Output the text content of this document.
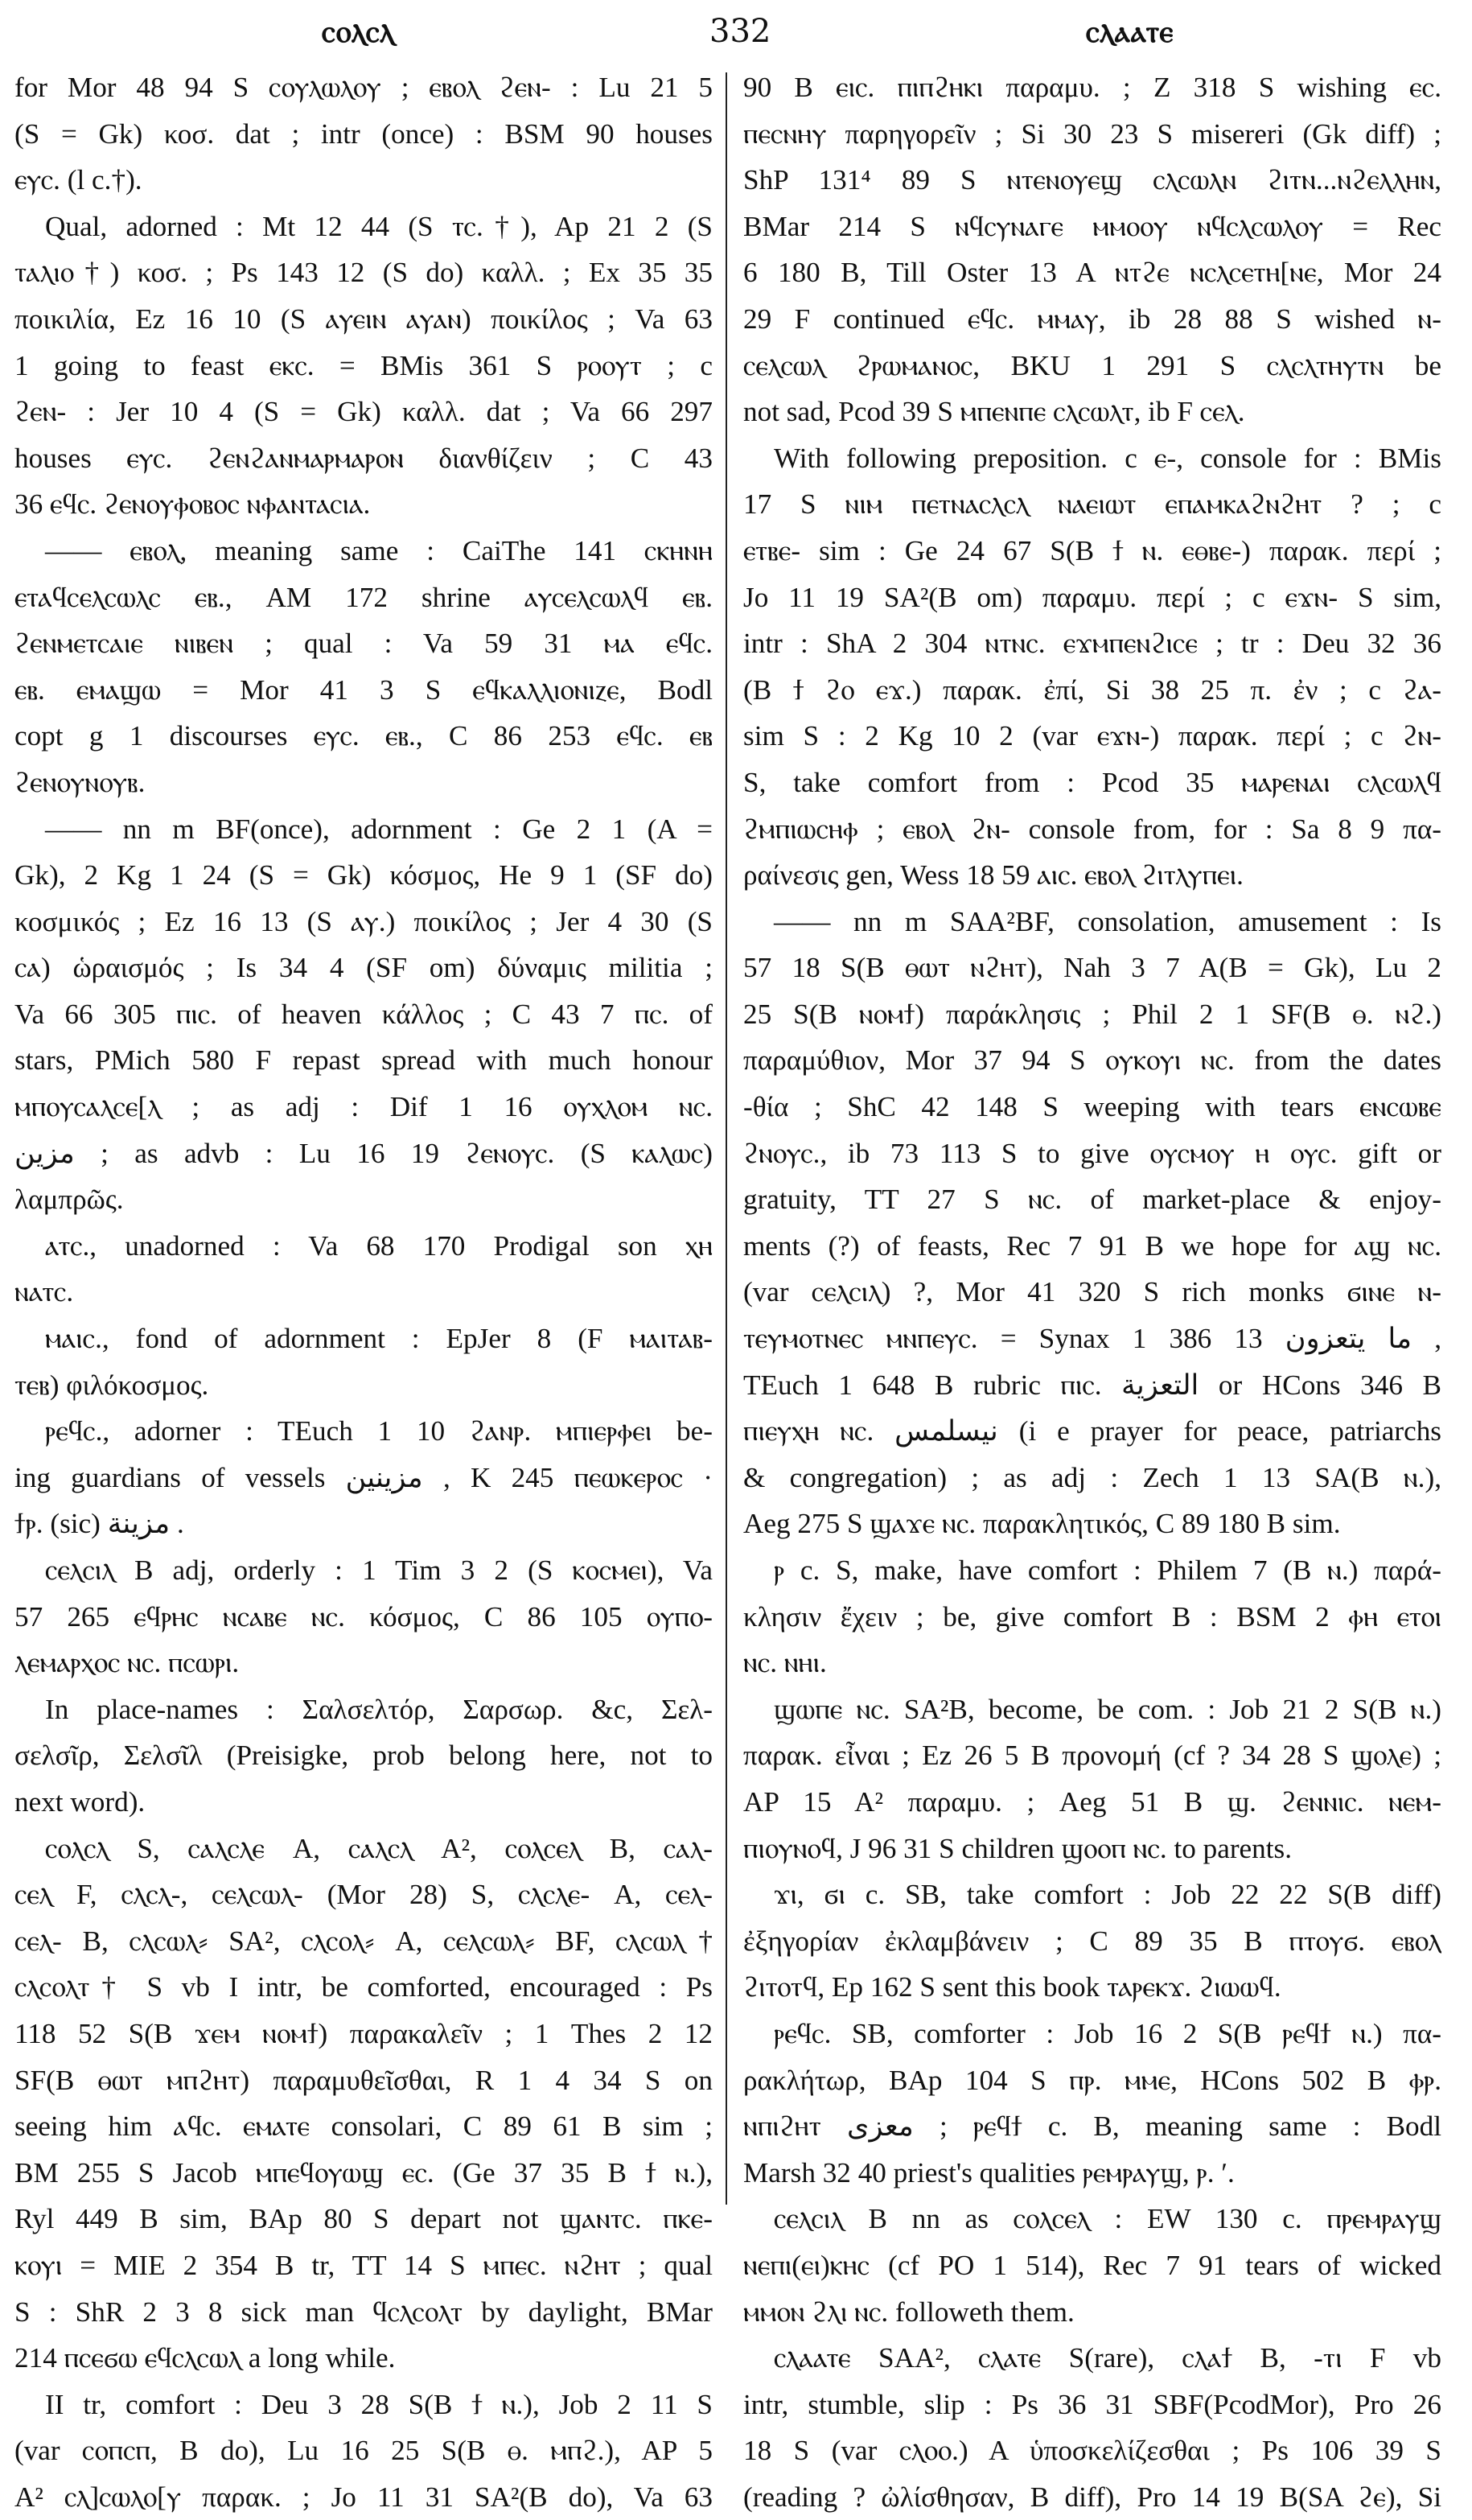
ⲥⲟⲗⲥⲗ	332	ⲥⲗⲁⲁⲧⲉ
for Mor 48 94 S ⲥⲟⲩⲗⲱⲗⲟⲩ ; ⲉⲃⲟⲗ ϩⲉⲛ- : Lu 21 5
(S = Gk) κοσ. dat ; intr (once) : BSM 90 houses
ⲉⲩⲥ. (l c.†).
Qual, adorned : Mt 12 44 (S ⲧⲥ.†), Ap 21 2 (S
ⲧⲁⲗⲓⲟ†) κοσ. ; Ps 143 12 (S do) καλλ. ; Ex 35 35
ποικιλία, Ez 16 10 (S ⲁⲩⲉⲓⲛ ⲁⲩⲁⲛ) ποικίλος ; Va 63
1 going to feast ⲉⲕⲥ. = BMis 361 S ⲣⲟⲟⲩⲧ ; c
ϩⲉⲛ- : Jer 10 4 (S = Gk) καλλ. dat ; Va 66 297
houses ⲉⲩⲥ. ϩⲉⲛϩⲁⲛⲙⲁⲣⲙⲁⲣⲟⲛ διανθίζειν ; C 43
36 ⲉϥⲥ. ϩⲉⲛⲟⲩⲫⲟⲃⲟⲥ ⲛⲫⲁⲛⲧⲁⲥⲓⲁ.
—— ⲉⲃⲟⲗ, meaning same : CaiThe 141 ⲥⲕⲏⲛⲏ
ⲉⲧⲁϥⲥⲉⲗⲥⲱⲗⲥ ⲉⲃ., AM 172 shrine ⲁⲩⲥⲉⲗⲥⲱⲗϥ ⲉⲃ.
ϩⲉⲛⲙⲉⲧⲥⲁⲓⲉ ⲛⲓⲃⲉⲛ ; qual : Va 59 31 ⲙⲁ ⲉϥⲥ.
ⲉⲃ. ⲉⲙⲁϣⲱ = Mor 41 3 S ⲉϥⲕⲁⲗⲗⲓⲟⲛⲓⲍⲉ, Bodl
copt g 1 discourses ⲉⲩⲥ. ⲉⲃ., C 86 253 ⲉϥⲥ. ⲉⲃ
ϩⲉⲛⲟⲩⲛⲟⲩⲃ.
—— nn m BF(once), adornment : Ge 2 1 (A =
Gk), 2 Kg 1 24 (S = Gk) κόσμος, He 9 1 (SF do)
κοσμικός ; Ez 16 13 (S ⲁⲩ.) ποικίλος ; Jer 4 30 (S
ⲥⲁ) ὡραισμός ; Is 34 4 (SF om) δύναμις militia ;
Va 66 305 ⲡⲓⲥ. of heaven κάλλος ; C 43 7 ⲡⲥ. of
stars, PMich 580 F repast spread with much honour
ⲙⲡⲟⲩⲥⲁⲗⲥⲉ[ⲗ ; as adj : Dif 1 16 ⲟⲩⲭⲗⲟⲙ ⲛⲥ.
مزين ; as advb : Lu 16 19 ϩⲉⲛⲟⲩⲥ. (S ⲕⲁⲗⲱⲥ)
λαμπρῶς.
ⲁⲧⲥ., unadorned : Va 68 170 Prodigal son ⲭⲏ
ⲛⲁⲧⲥ.
ⲙⲁⲓⲥ., fond of adornment : EpJer 8 (F ⲙⲁⲓⲧⲁⲃ-
ⲧⲉⲃ) φιλόκοσμος.
ⲣⲉϥⲥ., adorner : TEuch 1 10 ϩⲁⲛⲣ. ⲙⲡⲓⲉⲣⲫⲉⲓ be-
ing guardians of vessels مزينين , K 245 ⲡⲉⲱⲕⲉⲣⲟⲥ ·
ϯⲣ. (sic) مزينة .
ⲥⲉⲗⲥⲓⲗ B adj, orderly : 1 Tim 3 2 (S ⲕⲟⲥⲙⲉⲓ), Va
57 265 ⲉϥⲣⲏⲥ ⲛⲥⲁⲃⲉ ⲛⲥ. κόσμος, C 86 105 ⲟⲩⲡⲟ-
ⲗⲉⲙⲁⲣⲭⲟⲥ ⲛⲥ. ⲡⲥⲱⲣⲓ.
In place-names : Σαλσελτόρ, Σαρσωρ. &c, Σελ-
σελσῖρ, Σελσῖλ (Preisigke, prob belong here, not to
next word).
ⲥⲟⲗⲥⲗ S, ⲥⲁⲗⲥⲗⲉ A, ⲥⲁⲗⲥⲗ A², ⲥⲟⲗⲥⲉⲗ B, ⲥⲁⲗ-
ⲥⲉⲗ F, ⲥⲗⲥⲗ-, ⲥⲉⲗⲥⲱⲗ- (Mor 28) S, ⲥⲗⲥⲗⲉ- A, ⲥⲉⲗ-
ⲥⲉⲗ- B, ⲥⲗⲥⲱⲗ⸗ SA², ⲥⲗⲥⲟⲗ⸗ A, ⲥⲉⲗⲥⲱⲗ⸗ BF, ⲥⲗⲥⲱⲗ†
ⲥⲗⲥⲟⲗⲧ† S vb I intr, be comforted, encouraged : Ps
118 52 S(B ϫⲉⲙ ⲛⲟⲙϯ) παρακαλεῖν ; 1 Thes 2 12
SF(B ⲑⲱⲧ ⲙⲡϩⲏⲧ) παραμυθεῖσθαι, R 1 4 34 S on
seeing him ⲁϥⲥ. ⲉⲙⲁⲧⲉ consolari, C 89 61 B sim ;
BM 255 S Jacob ⲙⲡⲉϥⲟⲩⲱϣ ⲉⲥ. (Ge 37 35 B ϯ ⲛ.),
Ryl 449 B sim, BAp 80 S depart not ϣⲁⲛⲧⲥ. ⲡⲕⲉ-
ⲕⲟⲩⲓ = MIE 2 354 B tr, TT 14 S ⲙⲡⲉⲥ. ⲛϩⲏⲧ ; qual
S : ShR 2 3 8 sick man ϥⲥⲗⲥⲟⲗⲧ by daylight, BMar
214 ⲡⲥⲉϭⲱ ⲉϥⲥⲗⲥⲱⲗ a long while.
II tr, comfort : Deu 3 28 S(B ϯ ⲛ.), Job 2 11 S
(var ⲥⲟⲡⲥⲡ, B do), Lu 16 25 S(B ⲑ. ⲙⲡϩ.), AP 5
A² ⲥⲗ]ⲥⲱⲗⲟ[ⲩ παρακ. ; Jo 11 31 SA²(B do), Va 63
90 B ⲉⲓⲥ. ⲡⲓⲡϩⲏⲕⲓ παραμυ. ; Z 318 S wishing ⲉⲥ.
ⲡⲉⲥⲛⲏⲩ παρηγορεῖν ; Si 30 23 S misereri (Gk diff) ;
ShP 131⁴ 89 S ⲛⲧⲉⲛⲟⲩⲉϣ ⲥⲗⲥⲱⲗⲛ ϩⲓⲧⲛ...ⲛϩⲉⲗⲗⲏⲛ,
BMar 214 S ⲛϥⲥⲩⲛⲁⲅⲉ ⲙⲙⲟⲟⲩ ⲛϥⲥⲗⲥⲱⲗⲟⲩ = Rec
6 180 B, Till Oster 13 A ⲛⲧϩⲉ ⲛⲥⲗⲥⲉⲧⲏ[ⲛⲉ, Mor 24
29 F continued ⲉϥⲥ. ⲙⲙⲁⲩ, ib 28 88 S wished ⲛ-
ⲥⲉⲗⲥⲱⲗ ϩⲣⲱⲙⲁⲛⲟⲥ, BKU 1 291 S ⲥⲗⲥⲗⲧⲏⲩⲧⲛ be
not sad, Pcod 39 S ⲙⲡⲉⲛⲡⲉ ⲥⲗⲥⲱⲗⲧ, ib F ⲥⲉⲗ.
With following preposition. c ⲉ-, console for : BMis
17 S ⲛⲓⲙ ⲡⲉⲧⲛⲁⲥⲗⲥⲗ ⲛⲁⲉⲓⲱⲧ ⲉⲡⲁⲙⲕⲁϩⲛϩⲏⲧ ? ; c
ⲉⲧⲃⲉ- sim : Ge 24 67 S(B ϯ ⲛ. ⲉⲑⲃⲉ-) παρακ. περί ;
Jo 11 19 SA²(B om) παραμυ. περί ; c ⲉϫⲛ- S sim,
intr : ShA 2 304 ⲛⲧⲛⲥ. ⲉϫⲙⲡⲉⲛϩⲓⲥⲉ ; tr : Deu 32 36
(B ϯ ϩⲟ ⲉϫ.) παρακ. ἐπί, Si 38 25 π. ἐν ; c ϩⲁ-
sim S : 2 Kg 10 2 (var ⲉϫⲛ-) παρακ. περί ; c ϩⲛ-
S, take comfort from : Pcod 35 ⲙⲁⲣⲉⲛⲁⲓ ⲥⲗⲥⲱⲗϥ
ϩⲙⲡⲓⲱⲥⲏⲫ ; ⲉⲃⲟⲗ ϩⲛ- console from, for : Sa 8 9 πα-
ραίνεσις gen, Wess 18 59 ⲁⲓⲥ. ⲉⲃⲟⲗ ϩⲓⲧⲗⲩⲡⲉⲓ.
—— nn m SAA²BF, consolation, amusement : Is
57 18 S(B ⲑⲱⲧ ⲛϩⲏⲧ), Nah 3 7 A(B = Gk), Lu 2
25 S(B ⲛⲟⲙϯ) παράκλησις ; Phil 2 1 SF(B ⲑ. ⲛϩ.)
παραμύθιον, Mor 37 94 S ⲟⲩⲕⲟⲩⲓ ⲛⲥ. from the dates
-θία ; ShC 42 148 S weeping with tears ⲉⲛⲥⲱⲃⲉ
ϩⲛⲟⲩⲥ., ib 73 113 S to give ⲟⲩⲥⲙⲟⲩ ⲏ ⲟⲩⲥ. gift or
gratuity, TT 27 S ⲛⲥ. of market-place & enjoy-
ments (?) of feasts, Rec 7 91 B we hope for ⲁϣ ⲛⲥ.
(var ⲥⲉⲗⲥⲓⲗ) ?, Mor 41 320 S rich monks ϭⲓⲛⲉ ⲛ-
ⲧⲉⲩⲙⲟⲧⲛⲉⲥ ⲙⲛⲡⲉⲩⲥ. = Synax 1 386 13 ما يتعزون ,
TEuch 1 648 B rubric ⲡⲓⲥ. التعزية or HCons 346 B
ⲡⲓⲉⲩⲭⲏ ⲛⲥ. نيسلمس (i e prayer for peace, patriarchs
& congregation) ; as adj : Zech 1 13 SA(B ⲛ.),
Aeg 275 S ϣⲁϫⲉ ⲛⲥ. παρακλητικός, C 89 180 B sim.
ⲣ c. S, make, have comfort : Philem 7 (B ⲛ.) παρά-
κλησιν ἔχειν ; be, give comfort B : BSM 2 ⲫⲏ ⲉⲧⲟⲓ
ⲛⲥ. ⲛⲏⲓ.
ϣⲱⲡⲉ ⲛⲥ. SA²B, become, be com. : Job 21 2 S(B ⲛ.)
παρακ. εἶναι ; Ez 26 5 B προνομή (cf ? 34 28 S ϣⲟⲗⲉ) ;
AP 15 A² παραμυ. ; Aeg 51 B ϣ. ϩⲉⲛⲛⲓⲥ. ⲛⲉⲙ-
ⲡⲓⲟⲩⲛⲟϥ, J 96 31 S children ϣⲟⲟⲡ ⲛⲥ. to parents.
ϫⲓ, ϭⲓ c. SB, take comfort : Job 22 22 S(B diff)
ἐξηγορίαν ἐκλαμβάνειν ; C 89 35 B ⲡⲧⲟⲩϭ. ⲉⲃⲟⲗ
ϩⲓⲧⲟⲧϥ, Ep 162 S sent this book ⲧⲁⲣⲉⲕϫ. ϩⲓⲱⲱϥ.
ⲣⲉϥⲥ. SB, comforter : Job 16 2 S(B ⲣⲉϥϯ ⲛ.) πα-
ρακλήτωρ, BAp 104 S ⲡⲣ. ⲙⲙⲉ, HCons 502 B ⲫⲣ.
ⲛⲡⲓϩⲏⲧ معزى ; ⲣⲉϥϯ c. B, meaning same : Bodl
Marsh 32 40 priest's qualities ⲣⲉⲙⲣⲁⲩϣ, ⲣ. ʹ.
ⲥⲉⲗⲥⲓⲗ B nn as ⲥⲟⲗⲥⲉⲗ : EW 130 c. ⲡⲣⲉⲙⲣⲁⲩϣ
ⲛⲉⲡⲓ(ⲉⲓ)ⲕⲏⲥ (cf PO 1 514), Rec 7 91 tears of wicked
ⲙⲙⲟⲛ ϩⲗⲓ ⲛⲥ. followeth them.
ⲥⲗⲁⲁⲧⲉ SAA², ⲥⲗⲁⲧⲉ S(rare), ⲥⲗⲁϯ B, -ⲧⲓ F vb
intr, stumble, slip : Ps 36 31 SBF(PcodMor), Pro 26
18 S (var ⲥⲗⲟⲟ.) A ὑποσκελίζεσθαι ; Ps 106 39 S
(reading ? ὠλίσθησαν, B diff), Pro 14 19 B(SA ϩⲉ), Si
